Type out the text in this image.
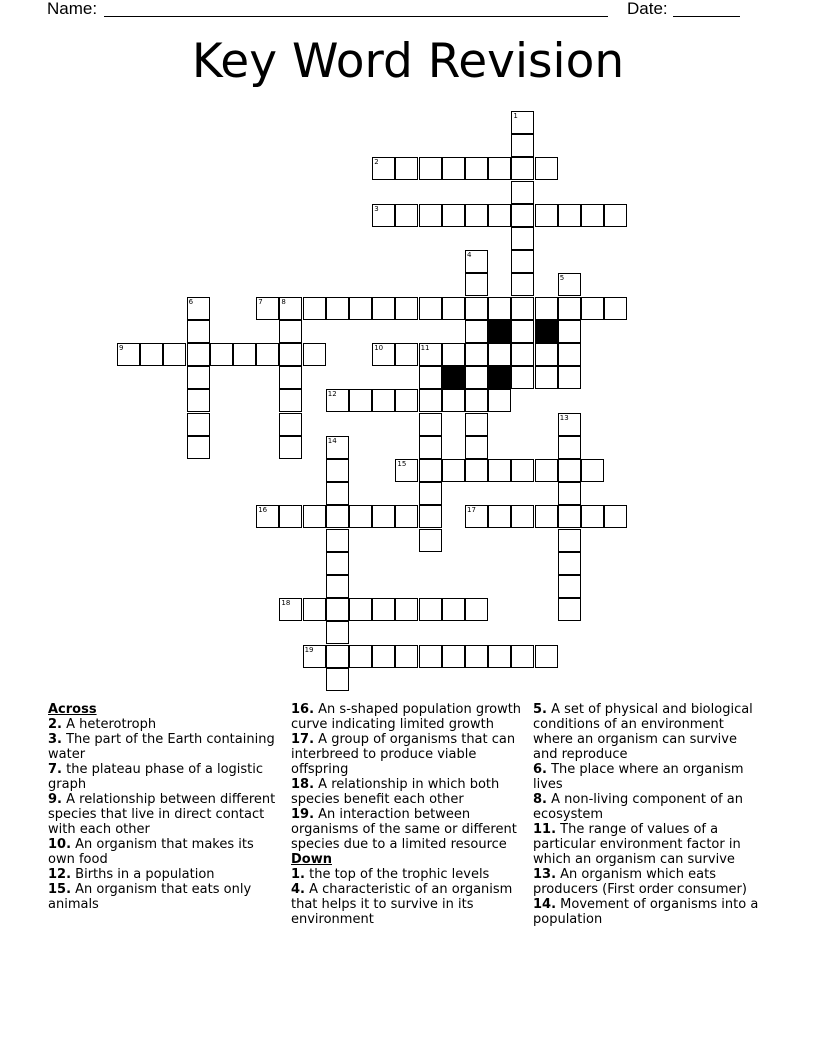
Name:	Date:
Key Word Revision
1
2
3
4
5
6	7	8
9	10	11
12
13
14
15
16	17
18
19
Across
2. A heterotroph
3. The part of the Earth containing water
7. the plateau phase of a logistic graph
9. A relationship between different species that live in direct contact with each other
10. An organism that makes its own food
12. Births in a population
15. An organism that eats only animals
16. An s-shaped population growth curve indicating limited growth
17. A group of organisms that can interbreed to produce viable offspring
18. A relationship in which both species benefit each other
19. An interaction between organisms of the same or different species due to a limited resource
Down
1. the top of the trophic levels
4. A characteristic of an organism that helps it to survive in its environment
5. A set of physical and biological conditions of an environment where an organism can survive and reproduce
6. The place where an organism lives
8. A non-living component of an ecosystem
11. The range of values of a particular environment factor in which an organism can survive
13. An organism which eats producers (First order consumer)
14. Movement of organisms into a population
